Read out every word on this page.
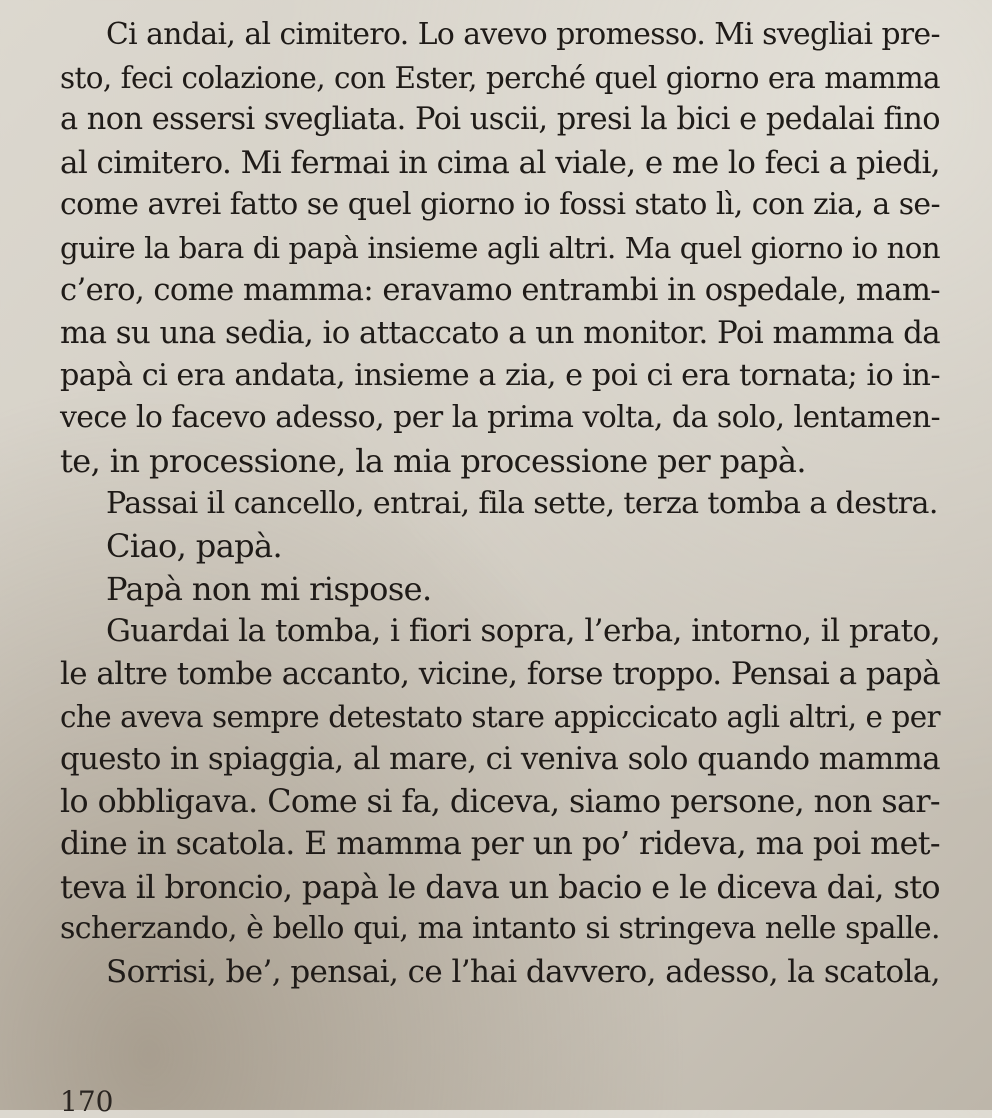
Ci andai, al cimitero. Lo avevo promesso. Mi svegliai pre-
sto, feci colazione, con Ester, perché quel giorno era mamma
a non essersi svegliata. Poi uscii, presi la bici e pedalai fino
al cimitero. Mi fermai in cima al viale, e me lo feci a piedi,
come avrei fatto se quel giorno io fossi stato lì, con zia, a se-
guire la bara di papà insieme agli altri. Ma quel giorno io non
c’ero, come mamma: eravamo entrambi in ospedale, mam-
ma su una sedia, io attaccato a un monitor. Poi mamma da
papà ci era andata, insieme a zia, e poi ci era tornata; io in-
vece lo facevo adesso, per la prima volta, da solo, lentamen-
te, in processione, la mia processione per papà.
Passai il cancello, entrai, fila sette, terza tomba a destra.
Ciao, papà.
Papà non mi rispose.
Guardai la tomba, i fiori sopra, l’erba, intorno, il prato,
le altre tombe accanto, vicine, forse troppo. Pensai a papà
che aveva sempre detestato stare appiccicato agli altri, e per
questo in spiaggia, al mare, ci veniva solo quando mamma
lo obbligava. Come si fa, diceva, siamo persone, non sar-
dine in scatola. E mamma per un po’ rideva, ma poi met-
teva il broncio, papà le dava un bacio e le diceva dai, sto
scherzando, è bello qui, ma intanto si stringeva nelle spalle.
Sorrisi, be’, pensai, ce l’hai davvero, adesso, la scatola,
170
